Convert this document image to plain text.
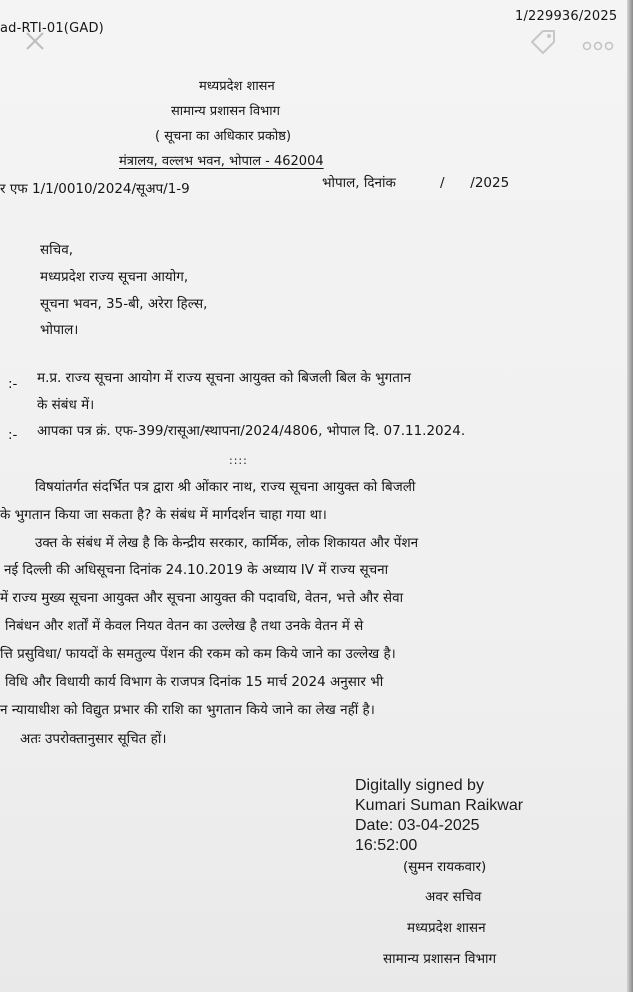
ad-RTI-01(GAD)
1/229936/2025
मध्यप्रदेश शासन
सामान्य प्रशासन विभाग
( सूचना का अधिकार प्रकोष्ठ)
मंत्रालय, वल्लभ भवन, भोपाल - 462004
र एफ 1/1/0010/2024/सूअप/1-9	भोपाल, दिनांक	/      /2025
सचिव,
मध्यप्रदेश राज्य सूचना आयोग,
सूचना भवन, 35-बी, अरेरा हिल्स,
भोपाल।
:- म.प्र. राज्य सूचना आयोग में राज्य सूचना आयुक्त को बिजली बिल के भुगतान
के संबंध में।
:- आपका पत्र क्रं. एफ-399/रासूआ/स्थापना/2024/4806, भोपाल दि. 07.11.2024.
::::
विषयांतर्गत संदर्भित पत्र द्वारा श्री ओंकार नाथ, राज्य सूचना आयुक्त को बिजली
के भुगतान किया जा सकता है? के संबंध में मार्गदर्शन चाहा गया था।
उक्त के संबंध में लेख है कि केन्द्रीय सरकार, कार्मिक, लोक शिकायत और पेंशन
नई दिल्ली की अधिसूचना दिनांक 24.10.2019 के अध्याय IV में राज्य सूचना
में राज्य मुख्य सूचना आयुक्त और सूचना आयुक्त की पदावधि, वेतन, भत्ते और सेवा
निबंधन और शर्तों में केवल नियत वेतन का उल्लेख है तथा उनके वेतन में से
त्ति प्रसुविधा/ फायदों के समतुल्य पेंशन की रकम को कम किये जाने का उल्लेख है।
विधि और विधायी कार्य विभाग के राजपत्र दिनांक 15 मार्च 2024 अनुसार भी
न न्यायाधीश को विद्युत प्रभार की राशि का भुगतान किये जाने का लेख नहीं है।
अतः उपरोक्तानुसार सूचित हों।
Digitally signed by
Kumari Suman Raikwar
Date: 03-04-2025
16:52:00
(सुमन रायकवार)
अवर सचिव
मध्यप्रदेश शासन
सामान्य प्रशासन विभाग
